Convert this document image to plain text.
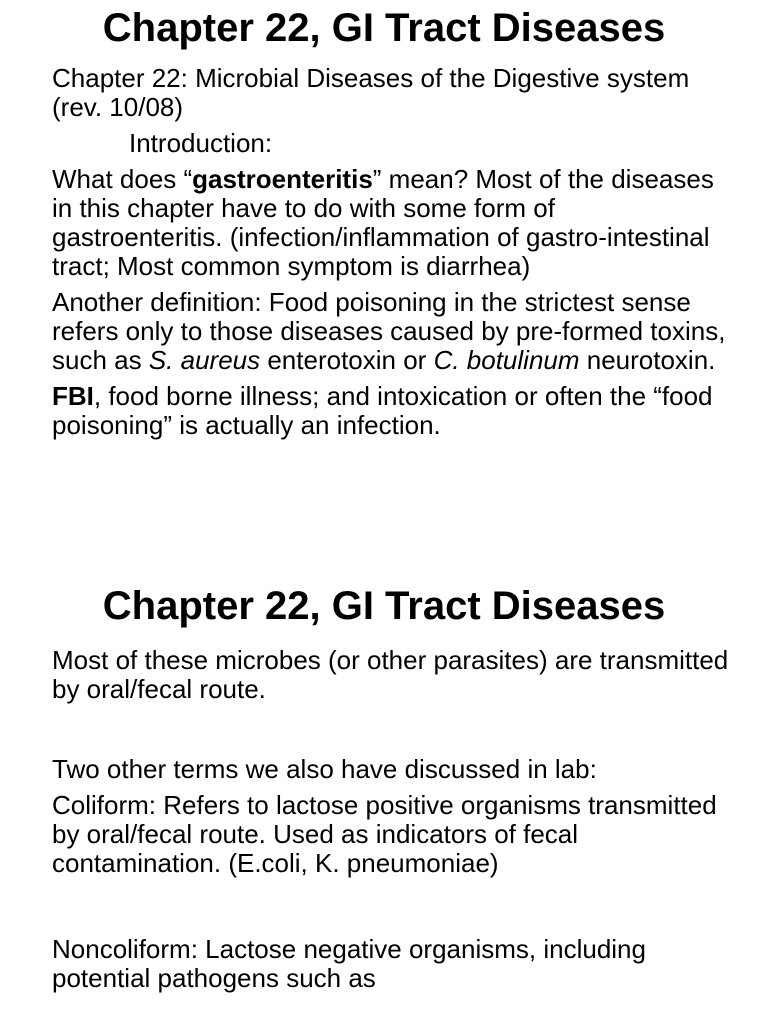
Chapter 22, GI Tract Diseases

Chapter 22: Microbial Diseases of the Digestive system (rev. 10/08)

Introduction:

What does “gastroenteritis” mean? Most of the diseases in this chapter have to do with some form of gastroenteritis. (infection/inflammation of gastro-intestinal tract; Most common symptom is diarrhea)

Another definition: Food poisoning in the strictest sense refers only to those diseases caused by pre-formed toxins, such as S. aureus enterotoxin or C. botulinum neurotoxin.

FBI, food borne illness; and intoxication or often the “food poisoning” is actually an infection.

Chapter 22, GI Tract Diseases

Most of these microbes (or other parasites) are transmitted by oral/fecal route.

Two other terms we also have discussed in lab:

Coliform: Refers to lactose positive organisms transmitted by oral/fecal route. Used as indicators of fecal contamination. (E.coli, K. pneumoniae)

Noncoliform: Lactose negative organisms, including potential pathogens such as
